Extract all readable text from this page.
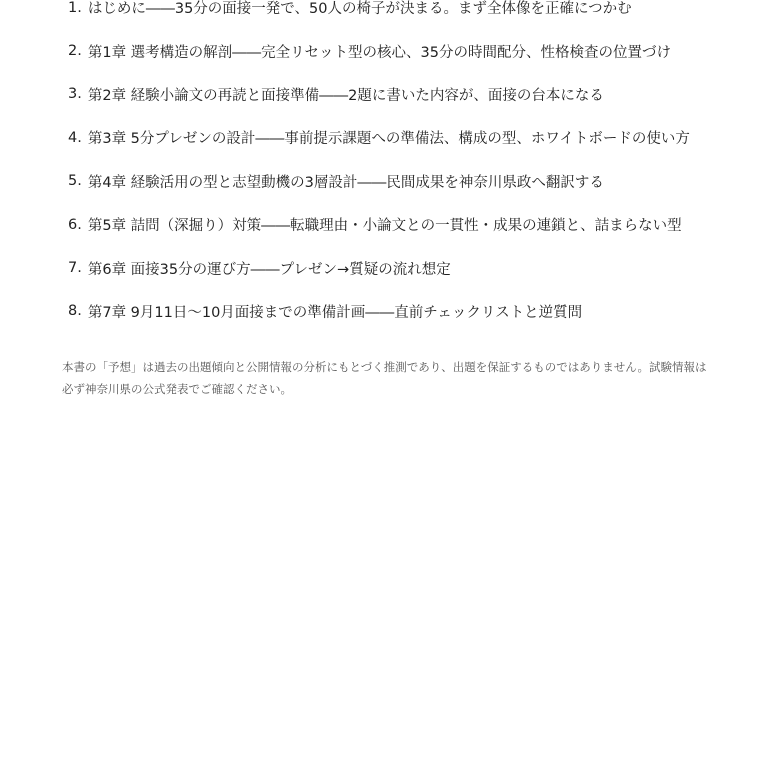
1. はじめに――35分の面接一発で、50人の椅子が決まる。まず全体像を正確につかむ
2. 第1章 選考構造の解剖――完全リセット型の核心、35分の時間配分、性格検査の位置づけ
3. 第2章 経験小論文の再読と面接準備――2題に書いた内容が、面接の台本になる
4. 第3章 5分プレゼンの設計――事前提示課題への準備法、構成の型、ホワイトボードの使い方
5. 第4章 経験活用の型と志望動機の3層設計――民間成果を神奈川県政へ翻訳する
6. 第5章 詰問（深掘り）対策――転職理由・小論文との一貫性・成果の連鎖と、詰まらない型
7. 第6章 面接35分の運び方――プレゼン→質疑の流れ想定
8. 第7章 9月11日〜10月面接までの準備計画――直前チェックリストと逆質問

本書の「予想」は過去の出題傾向と公開情報の分析にもとづく推測であり、出題を保証するものではありません。試験情報は必ず神奈川県の公式発表でご確認ください。
